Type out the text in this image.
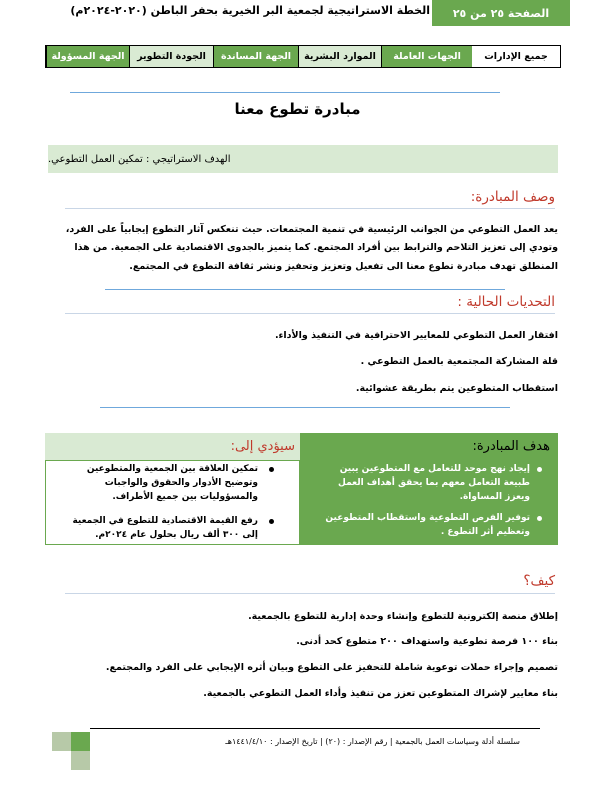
الخطة الاستراتيجية لجمعية البر الخيرية بحفر الباطن (٢٠٢٠-٢٠٢٤م)	الصفحة ٢٥ من ٢٥
الجهة المسؤولة	الجودة التطوير	الجهة المساندة	الموارد البشرية	الجهات العاملة	جميع الإدارات
مبادرة تطوع معنا
الهدف الاستراتيجي : تمكين العمل التطوعي.
وصف المبادرة:
يعد العمل التطوعي من الجوانب الرئيسية في تنمية المجتمعات. حيث تنعكس آثار التطوع إيجابياً على الفرد،
وتودي إلى تعزيز التلاحم والترابط بين أفراد المجتمع. كما يتميز بالجدوى الاقتصادية على الجمعية. من هذا
المنطلق تهدف مبادرة تطوع معنا الى تفعيل وتعزيز وتحفيز ونشر ثقافة التطوع في المجتمع.
التحديات الحالية :
افتقار العمل التطوعي للمعايير الاحترافية في التنفيذ والأداء.
قلة المشاركة المجتمعية بالعمل التطوعي .
استقطاب المتطوعين يتم بطريقة عشوائية.
هدف المبادرة:
سيؤدي إلى:
إيجاد نهج موحد للتعامل مع المتطوعين يبين طبيعة التعامل معهم بما يحقق أهداف العمل ويعزز المساواة.
توفير الفرص التطوعية واستقطاب المتطوعين وتعظيم أثر التطوع .
تمكين العلاقة بين الجمعية والمتطوعين وتوضيح الأدوار والحقوق والواجبات والمسؤوليات بين جميع الأطراف.
رفع القيمة الاقتصادية للتطوع في الجمعية إلى ٣٠٠ ألف ريال بحلول عام ٢٠٢٤م.
كيف؟
إطلاق منصة إلكترونية للتطوع وإنشاء وحدة إدارية للتطوع بالجمعية.
بناء ١٠٠ فرصة تطوعية واستهداف ٢٠٠ متطوع كحد أدنى.
تصميم وإجراء حملات توعوية شاملة للتحفيز على التطوع وبيان أثره الإيجابي على الفرد والمجتمع.
بناء معايير لإشراك المتطوعين تعزز من تنفيذ وأداء العمل التطوعي بالجمعية.
سلسلة أدلة وسياسات العمل بالجمعية | رقم الإصدار : (٢٠) | تاريخ الإصدار : ١٤٤١/٤/١٠هـ
